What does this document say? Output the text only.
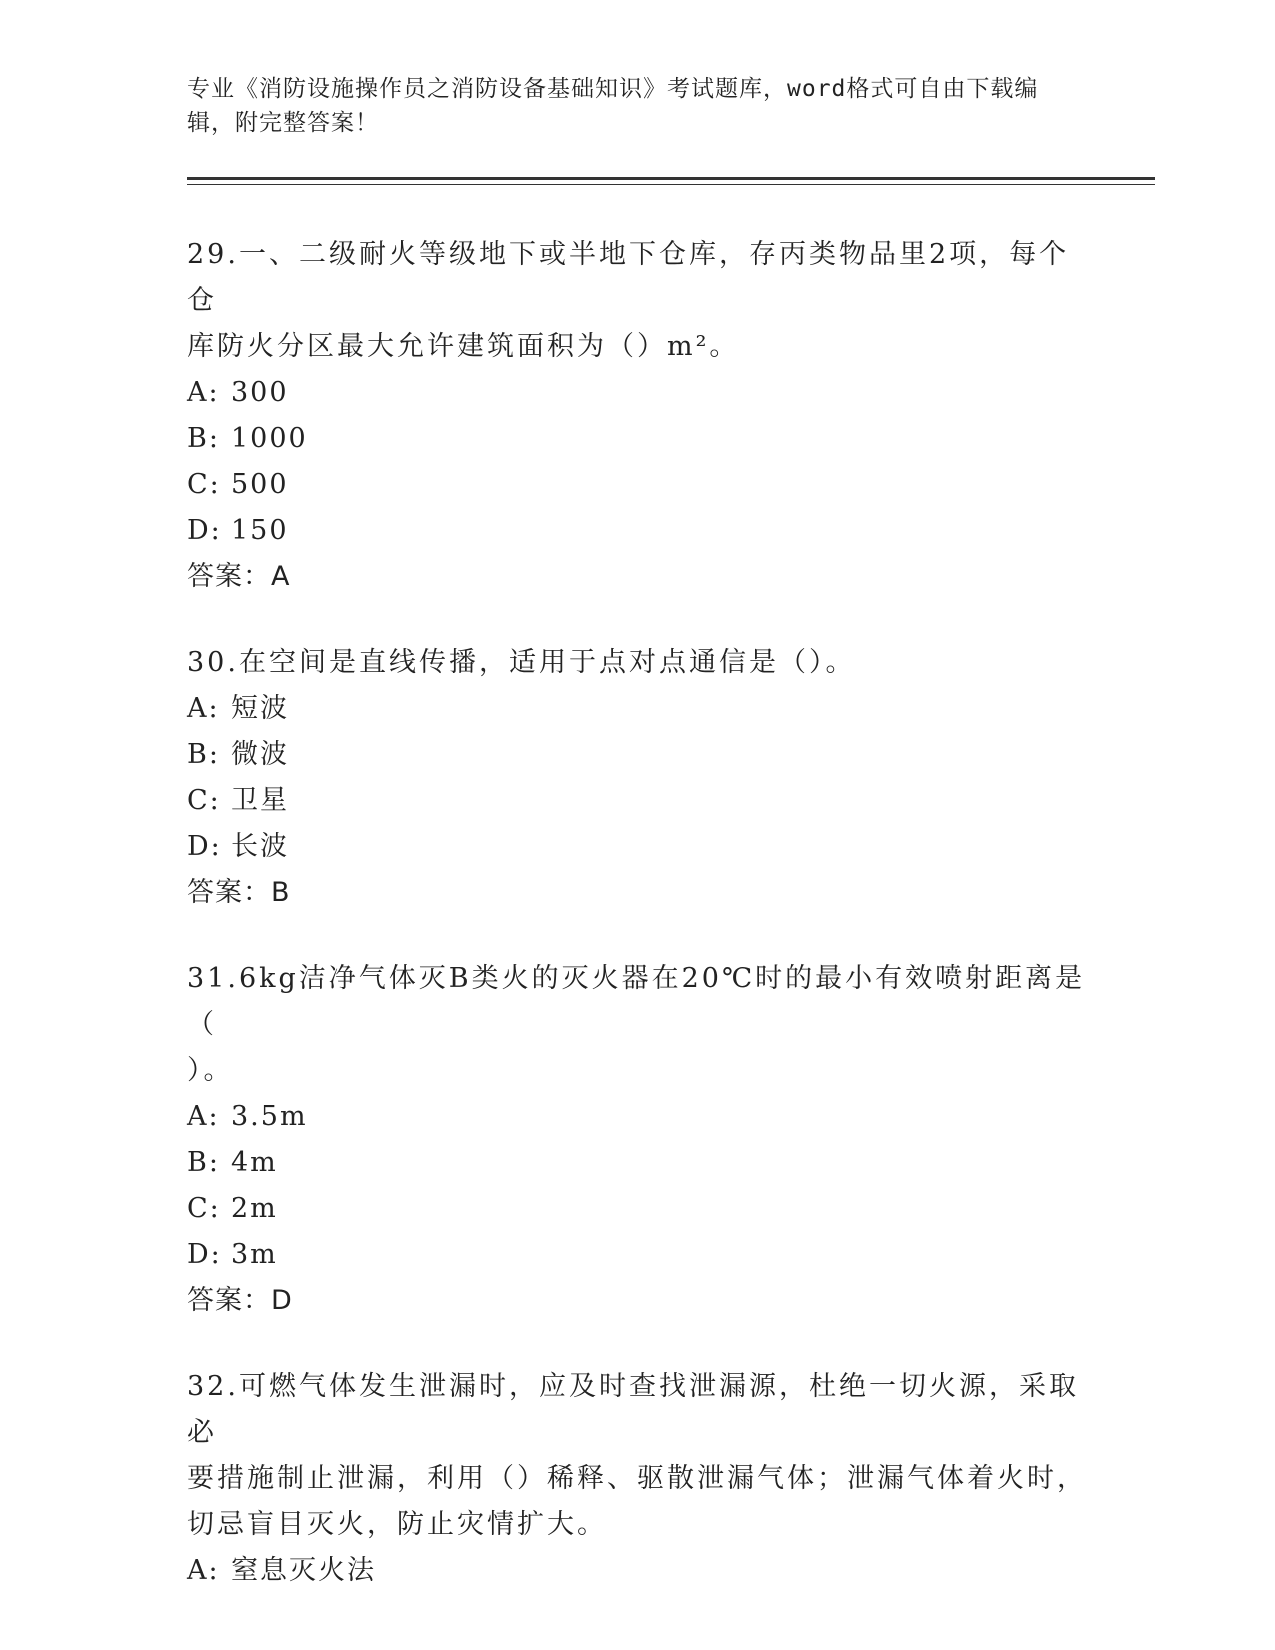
专业《消防设施操作员之消防设备基础知识》考试题库，word格式可自由下载编
辑，附完整答案！

29.一、二级耐火等级地下或半地下仓库，存丙类物品里2项，每个仓

库防火分区最大允许建筑面积为（）m²。

A: 300

B: 1000

C: 500

D: 150

答案：A

30.在空间是直线传播，适用于点对点通信是（）。

A: 短波

B: 微波

C: 卫星

D: 长波

答案：B

31.6kg洁净气体灭B类火的灭火器在20℃时的最小有效喷射距离是（

）。

A: 3.5m

B: 4m

C: 2m

D: 3m

答案：D

32.可燃气体发生泄漏时，应及时查找泄漏源，杜绝一切火源，采取必

要措施制止泄漏，利用（）稀释、驱散泄漏气体；泄漏气体着火时，

切忌盲目灭火，防止灾情扩大。

A: 窒息灭火法
